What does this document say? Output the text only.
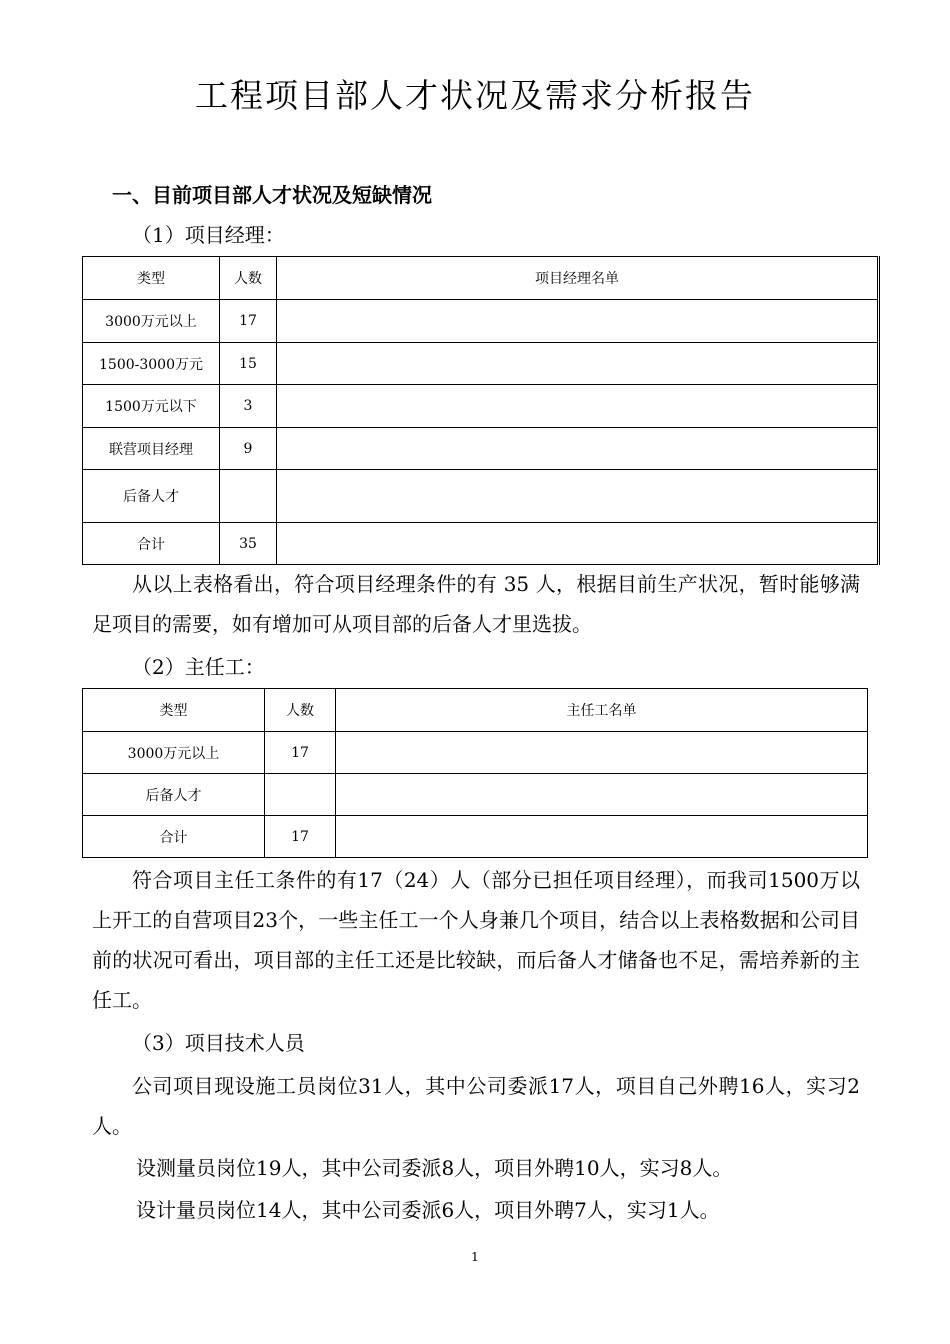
工程项目部人才状况及需求分析报告
一、目前项目部人才状况及短缺情况
（1）项目经理：
类型	人数	项目经理名单
3000万元以上	17	
1500-3000万元	15	
1500万元以下	3	
联营项目经理	9	
后备人才		
合计	35	
从以上表格看出，符合项目经理条件的有 35 人，根据目前生产状况，暂时能够满足项目的需要，如有增加可从项目部的后备人才里选拔。
（2）主任工：
类型	人数	主任工名单
3000万元以上	17	
后备人才		
合计	17	
符合项目主任工条件的有17（24）人（部分已担任项目经理），而我司1500万以上开工的自营项目23个，一些主任工一个人身兼几个项目，结合以上表格数据和公司目前的状况可看出，项目部的主任工还是比较缺，而后备人才储备也不足，需培养新的主任工。
（3）项目技术人员
公司项目现设施工员岗位31人，其中公司委派17人，项目自己外聘16人，实习2人。
设测量员岗位19人，其中公司委派8人，项目外聘10人，实习8人。
设计量员岗位14人，其中公司委派6人，项目外聘7人，实习1人。
1
